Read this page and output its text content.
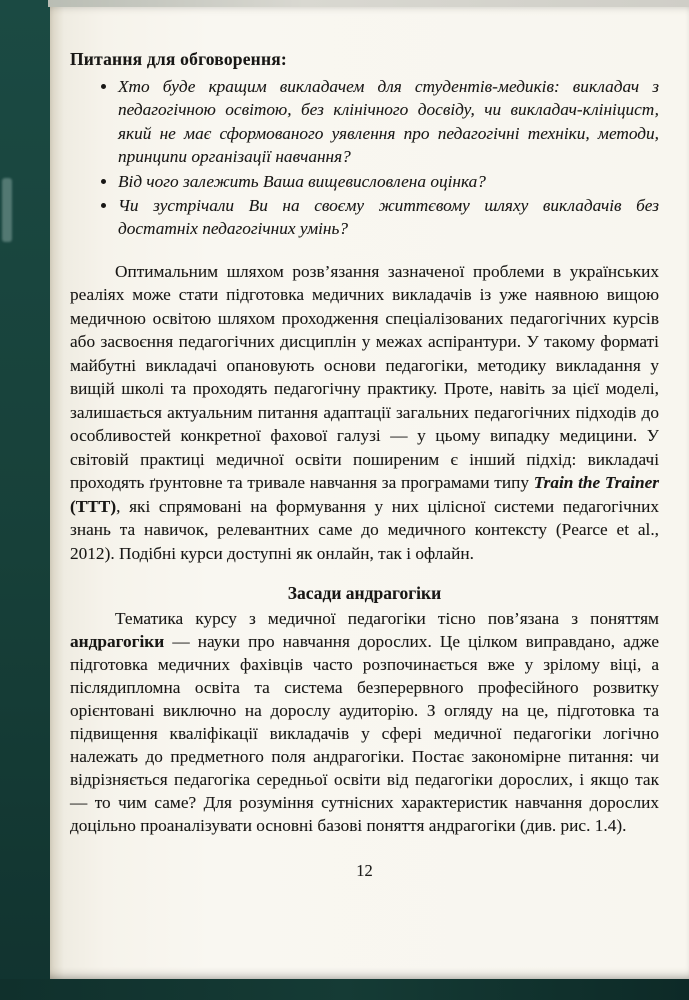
Питання для обговорення:
• Хто буде кращим викладачем для студентів-медиків: викладач з педагогічною освітою, без клінічного досвіду, чи викладач-клініцист, який не має сформованого уявлення про педагогічні техніки, методи, принципи організації навчання?
• Від чого залежить Ваша вищевисловлена оцінка?
• Чи зустрічали Ви на своєму життєвому шляху викладачів без достатніх педагогічних умінь?

Оптимальним шляхом розв’язання зазначеної проблеми в українських реаліях може стати підготовка медичних викладачів із уже наявною вищою медичною освітою шляхом проходження спеціалізованих педагогічних курсів або засвоєння педагогічних дисциплін у межах аспірантури. У такому форматі майбутні викладачі опановують основи педагогіки, методику викладання у вищій школі та проходять педагогічну практику. Проте, навіть за цієї моделі, залишається актуальним питання адаптації загальних педагогічних підходів до особливостей конкретної фахової галузі — у цьому випадку медицини. У світовій практиці медичної освіти поширеним є інший підхід: викладачі проходять ґрунтовне та тривале навчання за програмами типу Train the Trainer (ТТТ), які спрямовані на формування у них цілісної системи педагогічних знань та навичок, релевантних саме до медичного контексту (Pearce et al., 2012). Подібні курси доступні як онлайн, так і офлайн.

Засади андрагогіки

Тематика курсу з медичної педагогіки тісно пов’язана з поняттям андрагогіки — науки про навчання дорослих. Це цілком виправдано, адже підготовка медичних фахівців часто розпочинається вже у зрілому віці, а післядипломна освіта та система безперервного професійного розвитку орієнтовані виключно на дорослу аудиторію. З огляду на це, підготовка та підвищення кваліфікації викладачів у сфері медичної педагогіки логічно належать до предметного поля андрагогіки. Постає закономірне питання: чи відрізняється педагогіка середньої освіти від педагогіки дорослих, і якщо так — то чим саме? Для розуміння сутнісних характеристик навчання дорослих доцільно проаналізувати основні базові поняття андрагогіки (див. рис. 1.4).

12
